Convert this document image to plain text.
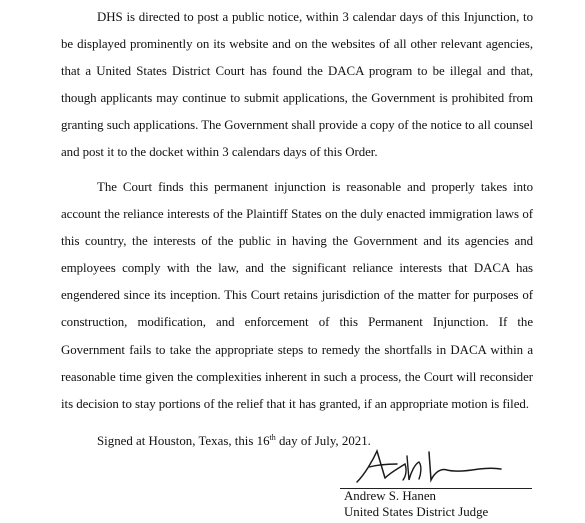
DHS is directed to post a public notice, within 3 calendar days of this Injunction, to be displayed prominently on its website and on the websites of all other relevant agencies, that a United States District Court has found the DACA program to be illegal and that, though applicants may continue to submit applications, the Government is prohibited from granting such applications. The Government shall provide a copy of the notice to all counsel and post it to the docket within 3 calendars days of this Order.

The Court finds this permanent injunction is reasonable and properly takes into account the reliance interests of the Plaintiff States on the duly enacted immigration laws of this country, the interests of the public in having the Government and its agencies and employees comply with the law, and the significant reliance interests that DACA has engendered since its inception. This Court retains jurisdiction of the matter for purposes of construction, modification, and enforcement of this Permanent Injunction. If the Government fails to take the appropriate steps to remedy the shortfalls in DACA within a reasonable time given the complexities inherent in such a process, the Court will reconsider its decision to stay portions of the relief that it has granted, if an appropriate motion is filed.

Signed at Houston, Texas, this 16th day of July, 2021.

Andrew S. Hanen

United States District Judge
